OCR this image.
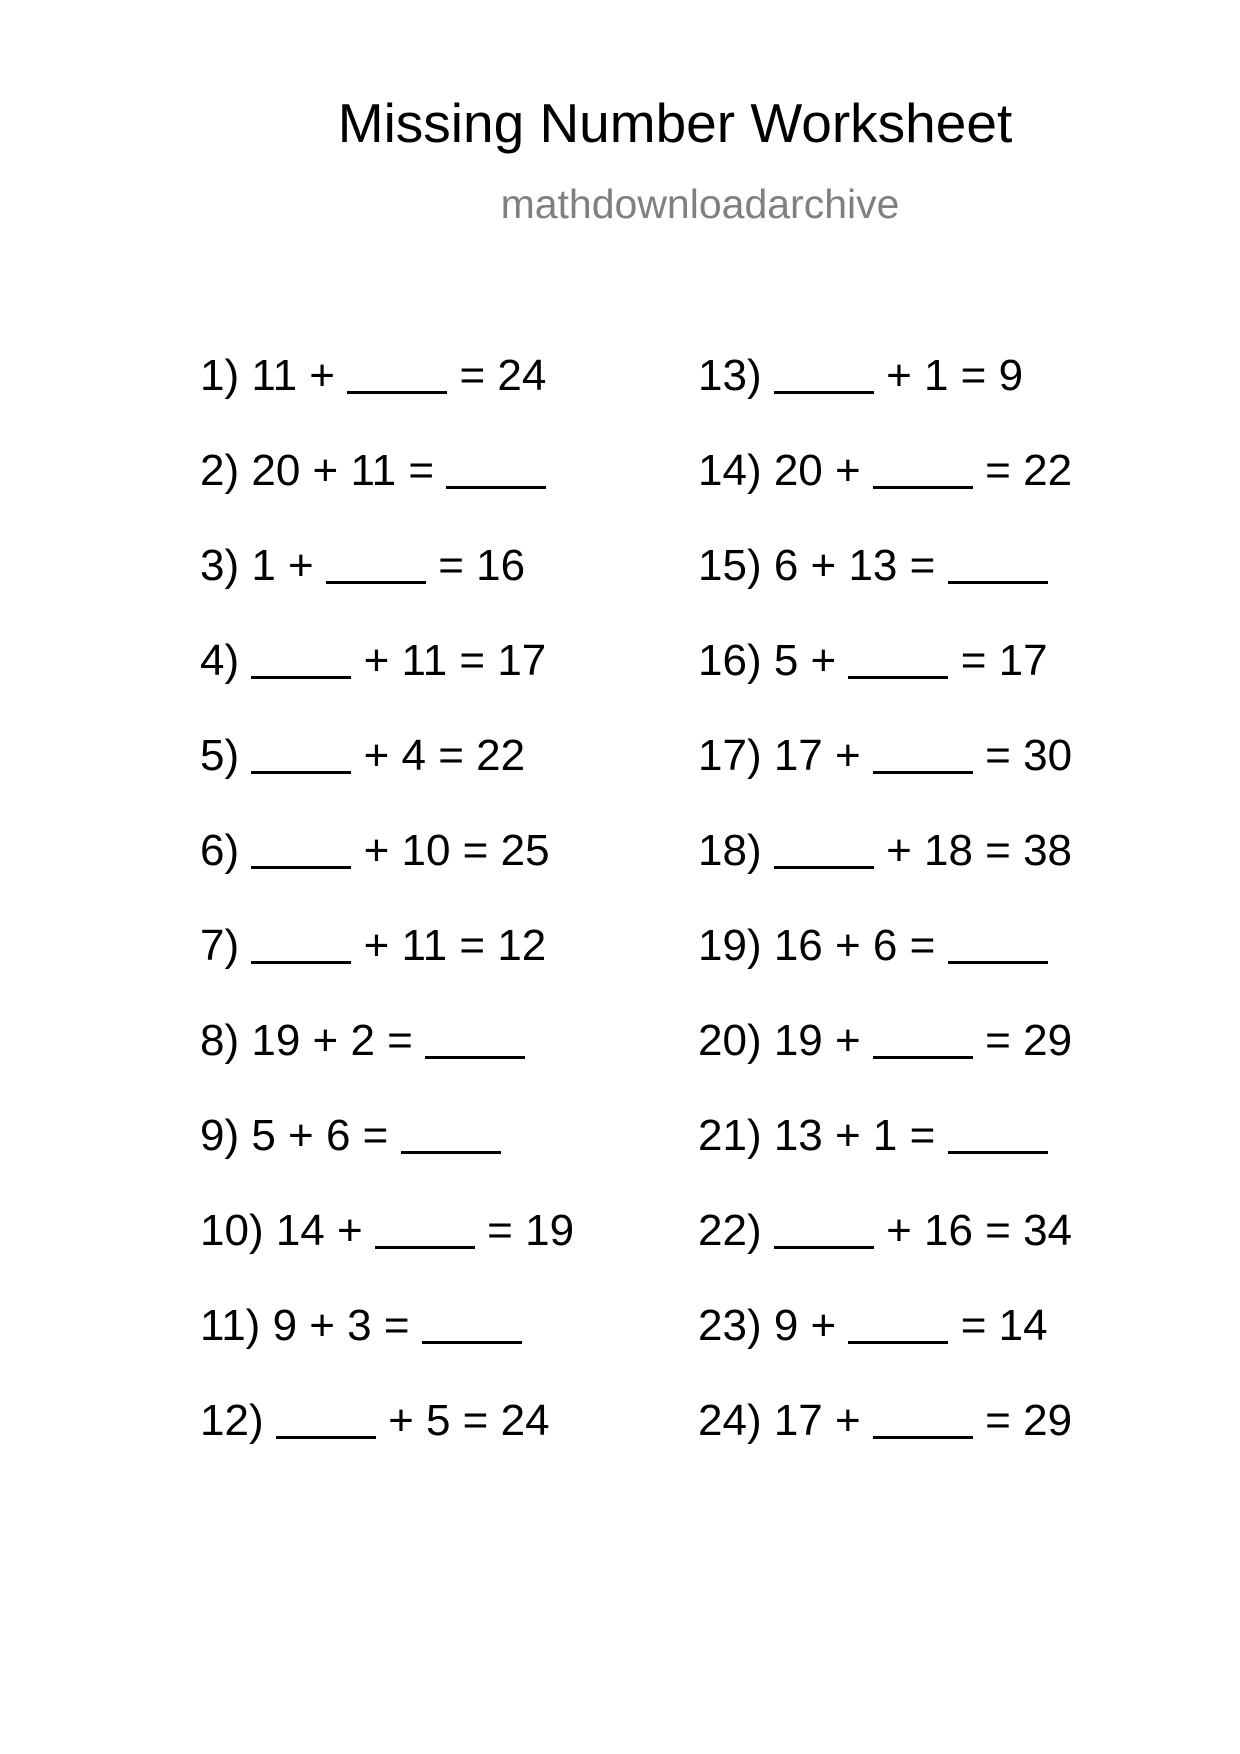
Missing Number Worksheet
mathdownloadarchive
1) 11 +	= 24
2) 20 + 11 =
3) 1 +	= 16
4)	+ 11 = 17
5)	+ 4 = 22
6)	+ 10 = 25
7)	+ 11 = 12
8) 19 + 2 =
9) 5 + 6 =
10) 14 +	= 19
11) 9 + 3 =
12)	+ 5 = 24
13)	+ 1 = 9
14) 20 +	= 22
15) 6 + 13 =
16) 5 +	= 17
17) 17 +	= 30
18)	+ 18 = 38
19) 16 + 6 =
20) 19 +	= 29
21) 13 + 1 =
22)	+ 16 = 34
23) 9 +	= 14
24) 17 +	= 29
